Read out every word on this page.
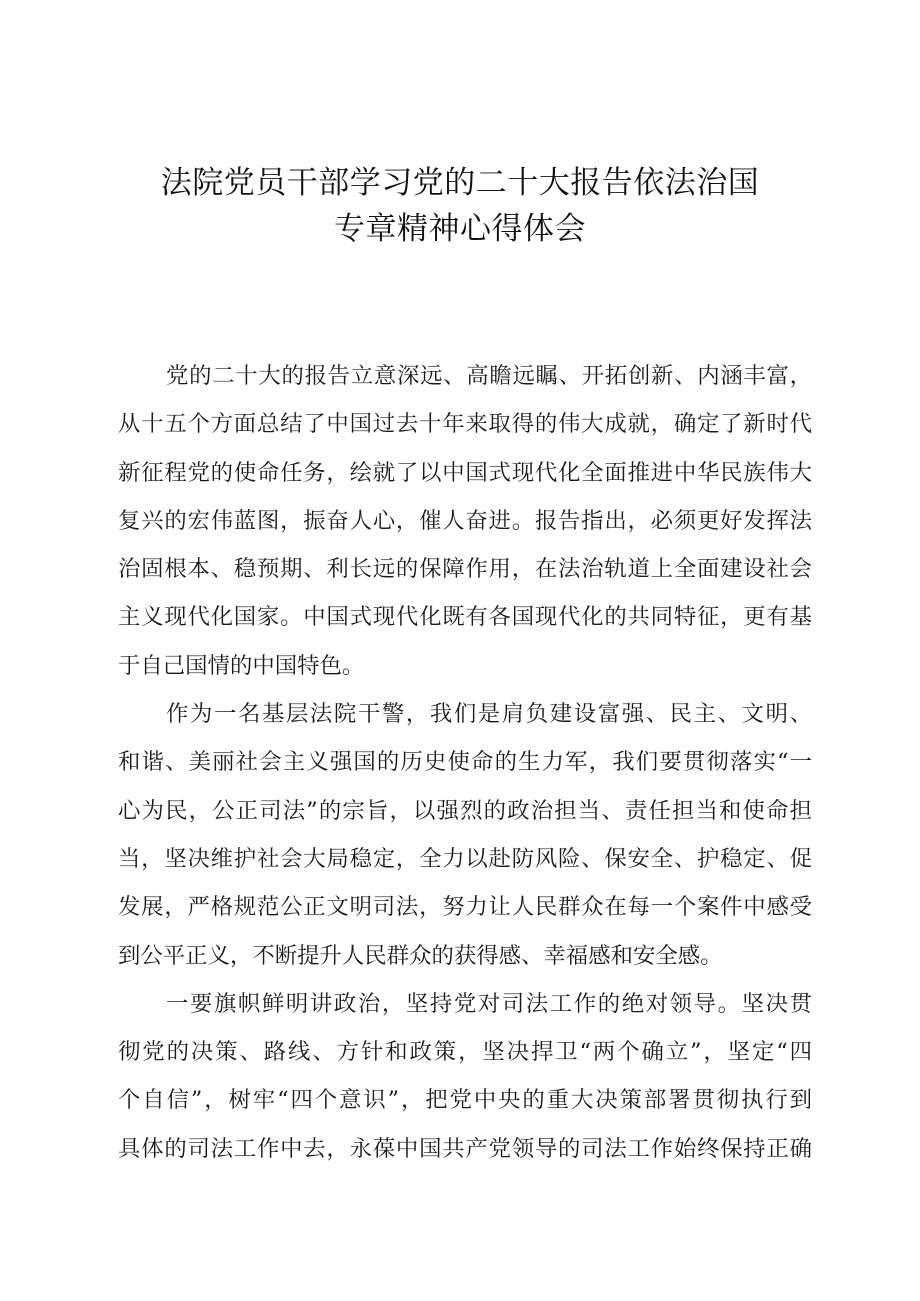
法院党员干部学习党的二十大报告依法治国
专章精神心得体会
党的二十大的报告立意深远、高瞻远瞩、开拓创新、内涵丰富，
从十五个方面总结了中国过去十年来取得的伟大成就，确定了新时代
新征程党的使命任务，绘就了以中国式现代化全面推进中华民族伟大
复兴的宏伟蓝图，振奋人心，催人奋进。报告指出，必须更好发挥法
治固根本、稳预期、利长远的保障作用，在法治轨道上全面建设社会
主义现代化国家。中国式现代化既有各国现代化的共同特征，更有基
于自己国情的中国特色。
作为一名基层法院干警，我们是肩负建设富强、民主、文明、
和谐、美丽社会主义强国的历史使命的生力军，我们要贯彻落实“一
心为民，公正司法”的宗旨，以强烈的政治担当、责任担当和使命担
当，坚决维护社会大局稳定，全力以赴防风险、保安全、护稳定、促
发展，严格规范公正文明司法，努力让人民群众在每一个案件中感受
到公平正义，不断提升人民群众的获得感、幸福感和安全感。
一要旗帜鲜明讲政治，坚持党对司法工作的绝对领导。坚决贯
彻党的决策、路线、方针和政策，坚决捍卫“两个确立”，坚定“四
个自信”，树牢“四个意识”，把党中央的重大决策部署贯彻执行到
具体的司法工作中去，永葆中国共产党领导的司法工作始终保持正确
